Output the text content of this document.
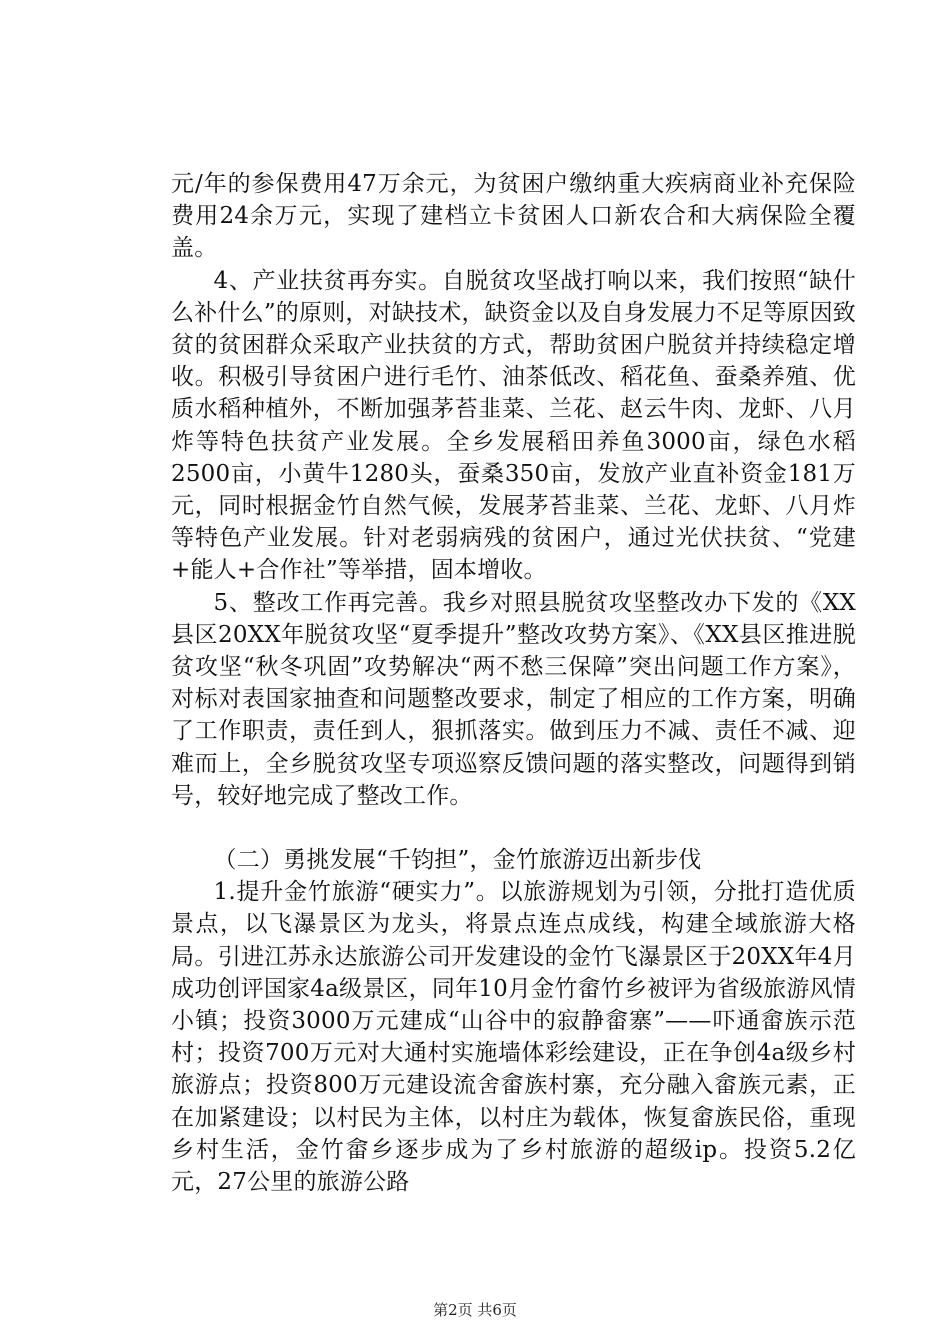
元/年的参保费用47万余元，为贫困户缴纳重大疾病商业补充保险费用24余万元，实现了建档立卡贫困人口新农合和大病保险全覆盖。

4、产业扶贫再夯实。自脱贫攻坚战打响以来，我们按照“缺什么补什么”的原则，对缺技术，缺资金以及自身发展力不足等原因致贫的贫困群众采取产业扶贫的方式，帮助贫困户脱贫并持续稳定增收。积极引导贫困户进行毛竹、油茶低改、稻花鱼、蚕桑养殖、优质水稻种植外，不断加强茅苔韭菜、兰花、赵云牛肉、龙虾、八月炸等特色扶贫产业发展。全乡发展稻田养鱼3000亩，绿色水稻2500亩，小黄牛1280头，蚕桑350亩，发放产业直补资金181万元，同时根据金竹自然气候，发展茅苔韭菜、兰花、龙虾、八月炸等特色产业发展。针对老弱病残的贫困户，通过光伏扶贫、“党建+能人+合作社”等举措，固本增收。

5、整改工作再完善。我乡对照县脱贫攻坚整改办下发的《XX县区20XX年脱贫攻坚“夏季提升”整改攻势方案》、《XX县区推进脱贫攻坚“秋冬巩固”攻势解决“两不愁三保障”突出问题工作方案》，对标对表国家抽查和问题整改要求，制定了相应的工作方案，明确了工作职责，责任到人，狠抓落实。做到压力不减、责任不减、迎难而上，全乡脱贫攻坚专项巡察反馈问题的落实整改，问题得到销号，较好地完成了整改工作。

（二）勇挑发展“千钧担”，金竹旅游迈出新步伐

1.提升金竹旅游“硬实力”。以旅游规划为引领，分批打造优质景点，以飞瀑景区为龙头，将景点连点成线，构建全域旅游大格局。引进江苏永达旅游公司开发建设的金竹飞瀑景区于20XX年4月成功创评国家4a级景区，同年10月金竹畲竹乡被评为省级旅游风情小镇；投资3000万元建成“山谷中的寂静畲寨”——吓通畲族示范村；投资700万元对大通村实施墙体彩绘建设，正在争创4a级乡村旅游点；投资800万元建设流舍畲族村寨，充分融入畲族元素，正在加紧建设；以村民为主体，以村庄为载体，恢复畲族民俗，重现乡村生活，金竹畲乡逐步成为了乡村旅游的超级ip。投资5.2亿元，27公里的旅游公路

第2页 共6页
